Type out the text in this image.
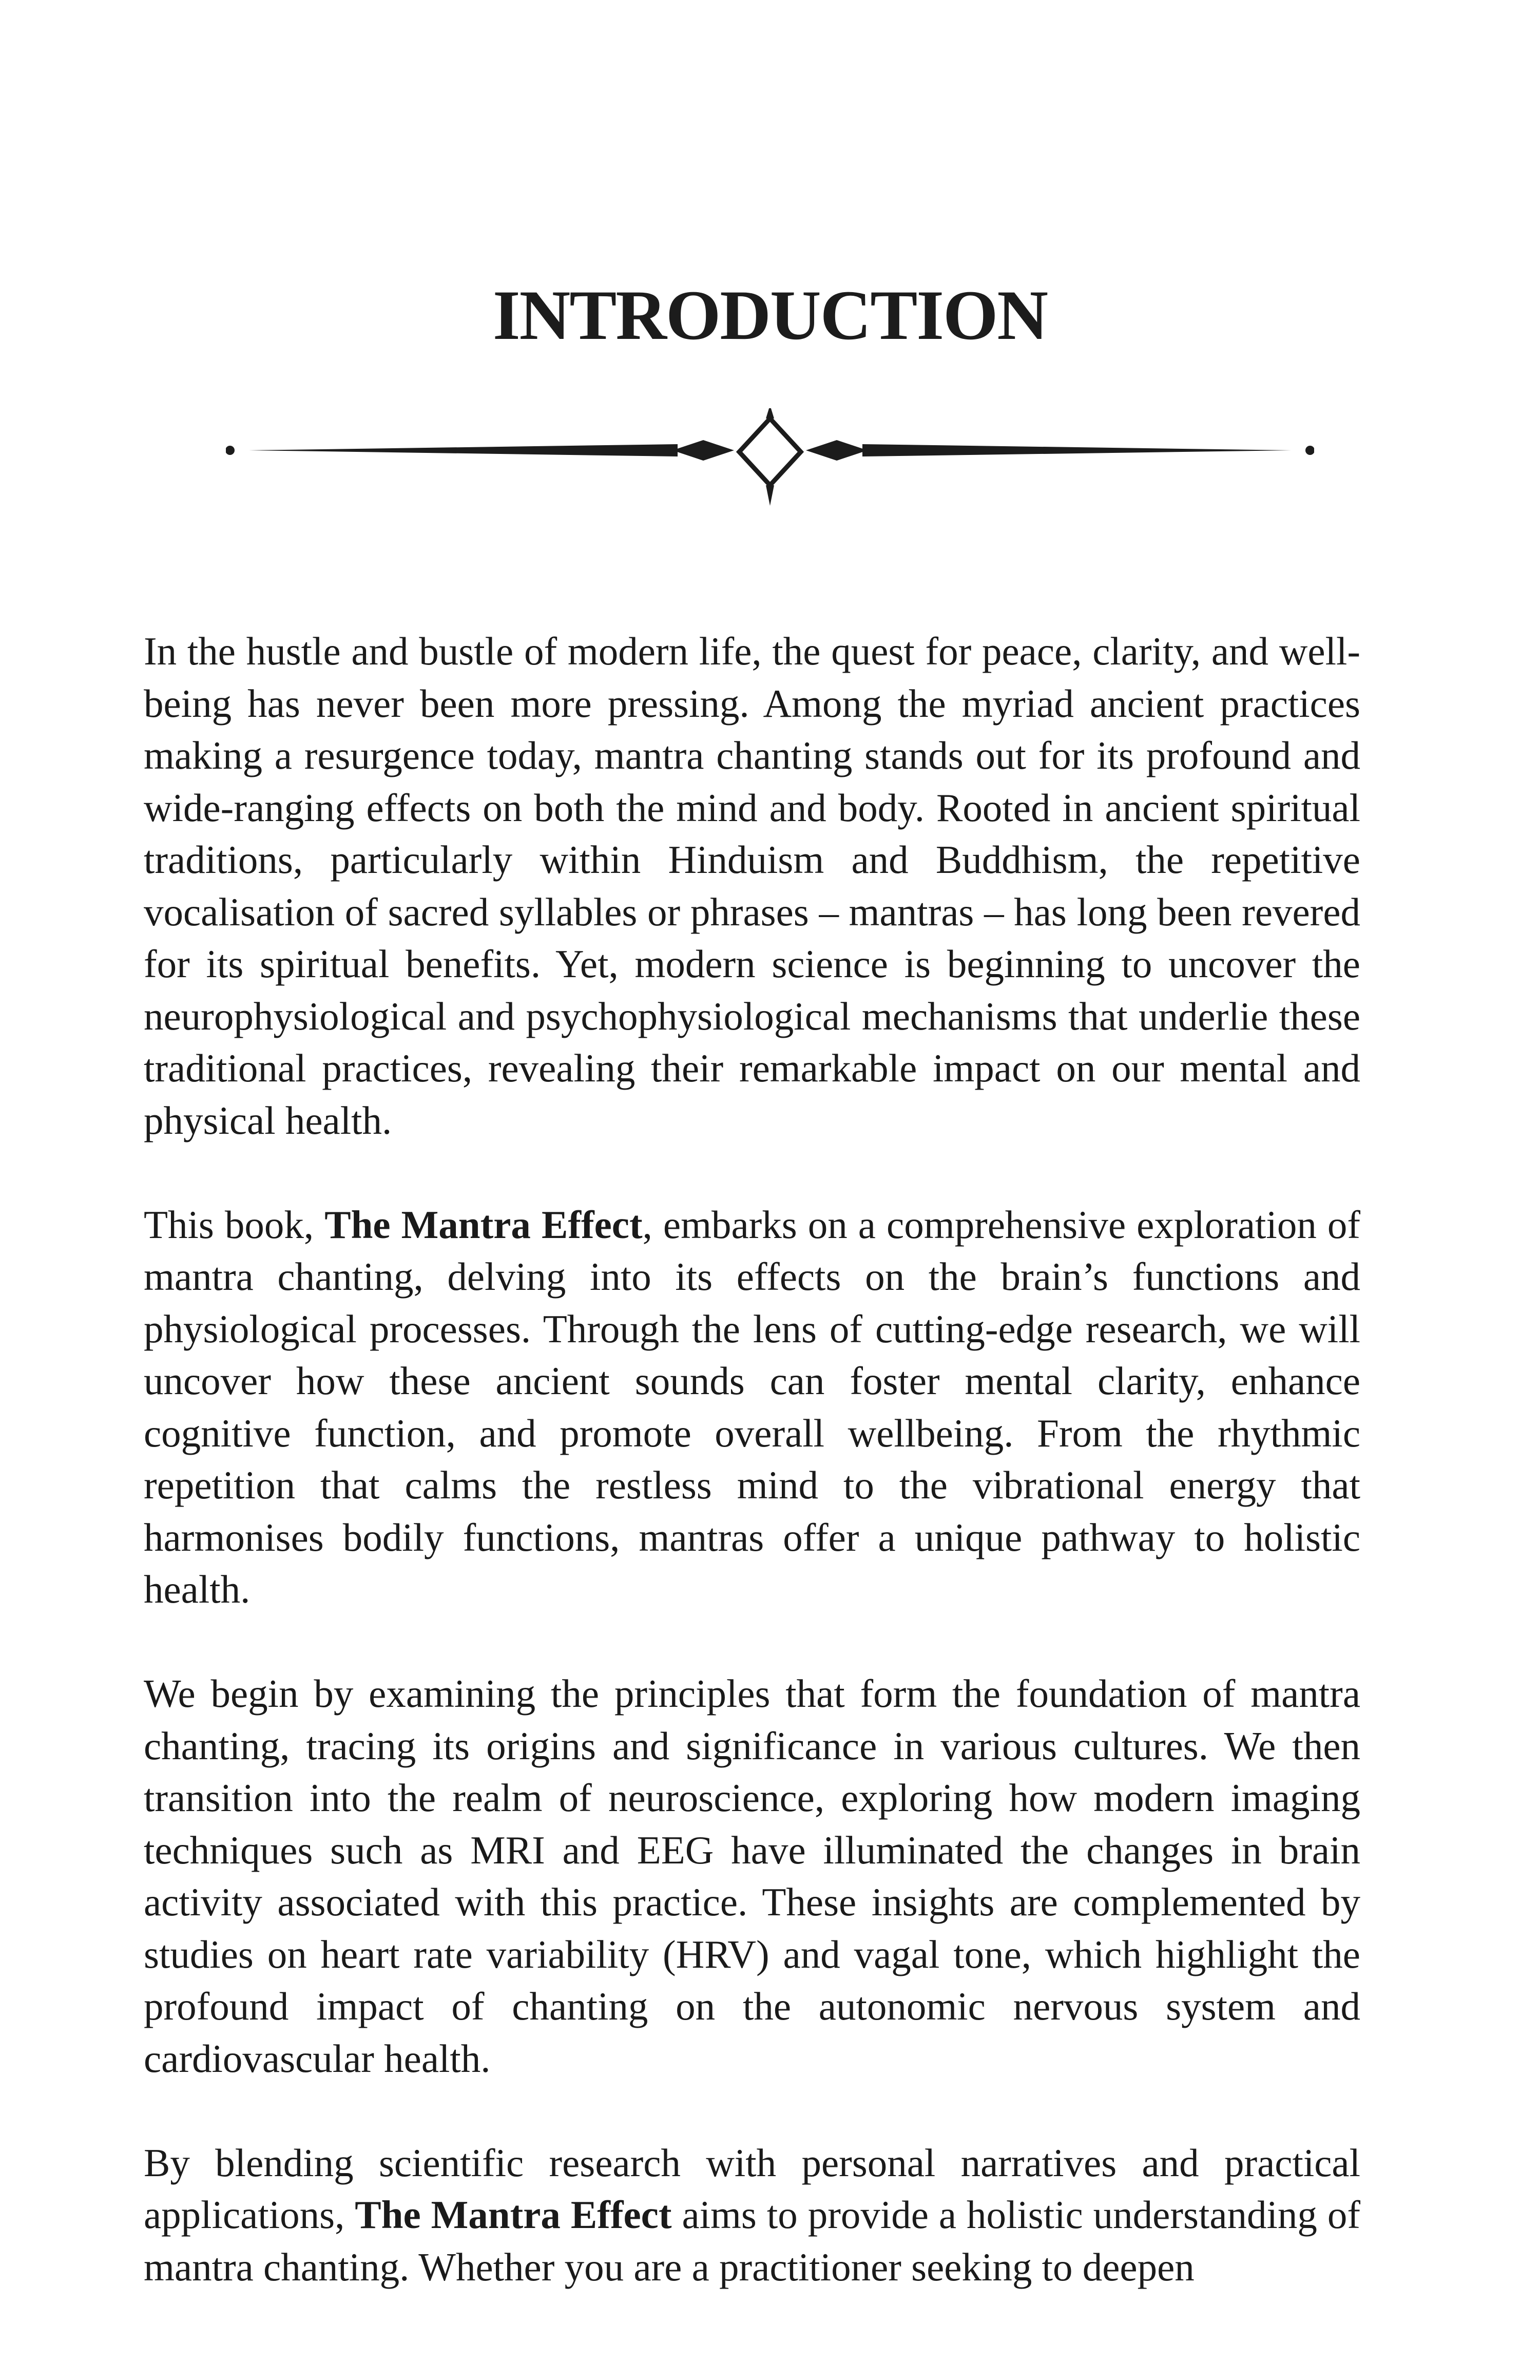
INTRODUCTION

In the hustle and bustle of modern life, the quest for peace, clarity, and well-being has never been more pressing. Among the myriad ancient practices making a resurgence today, mantra chanting stands out for its profound and wide-ranging effects on both the mind and body. Rooted in ancient spiritual traditions, particularly within Hinduism and Buddhism, the repetitive vocalisation of sacred syllables or phrases – mantras – has long been revered for its spiritual benefits. Yet, modern science is beginning to uncover the neurophysiological and psychophysiological mechanisms that underlie these traditional practices, revealing their remarkable impact on our mental and physical health.

This book, The Mantra Effect, embarks on a comprehensive exploration of mantra chanting, delving into its effects on the brain’s functions and physiological processes. Through the lens of cutting-edge research, we will uncover how these ancient sounds can foster mental clarity, enhance cognitive function, and promote overall wellbeing. From the rhythmic repetition that calms the restless mind to the vibrational energy that harmonises bodily functions, mantras offer a unique pathway to holistic health.

We begin by examining the principles that form the foundation of mantra chanting, tracing its origins and significance in various cultures. We then transition into the realm of neuroscience, exploring how modern imaging techniques such as MRI and EEG have illuminated the changes in brain activity associated with this practice. These insights are complemented by studies on heart rate variability (HRV) and vagal tone, which highlight the profound impact of chanting on the autonomic nervous system and cardiovascular health.

By blending scientific research with personal narratives and practical applications, The Mantra Effect aims to provide a holistic understanding of mantra chanting. Whether you are a practitioner seeking to deepen
